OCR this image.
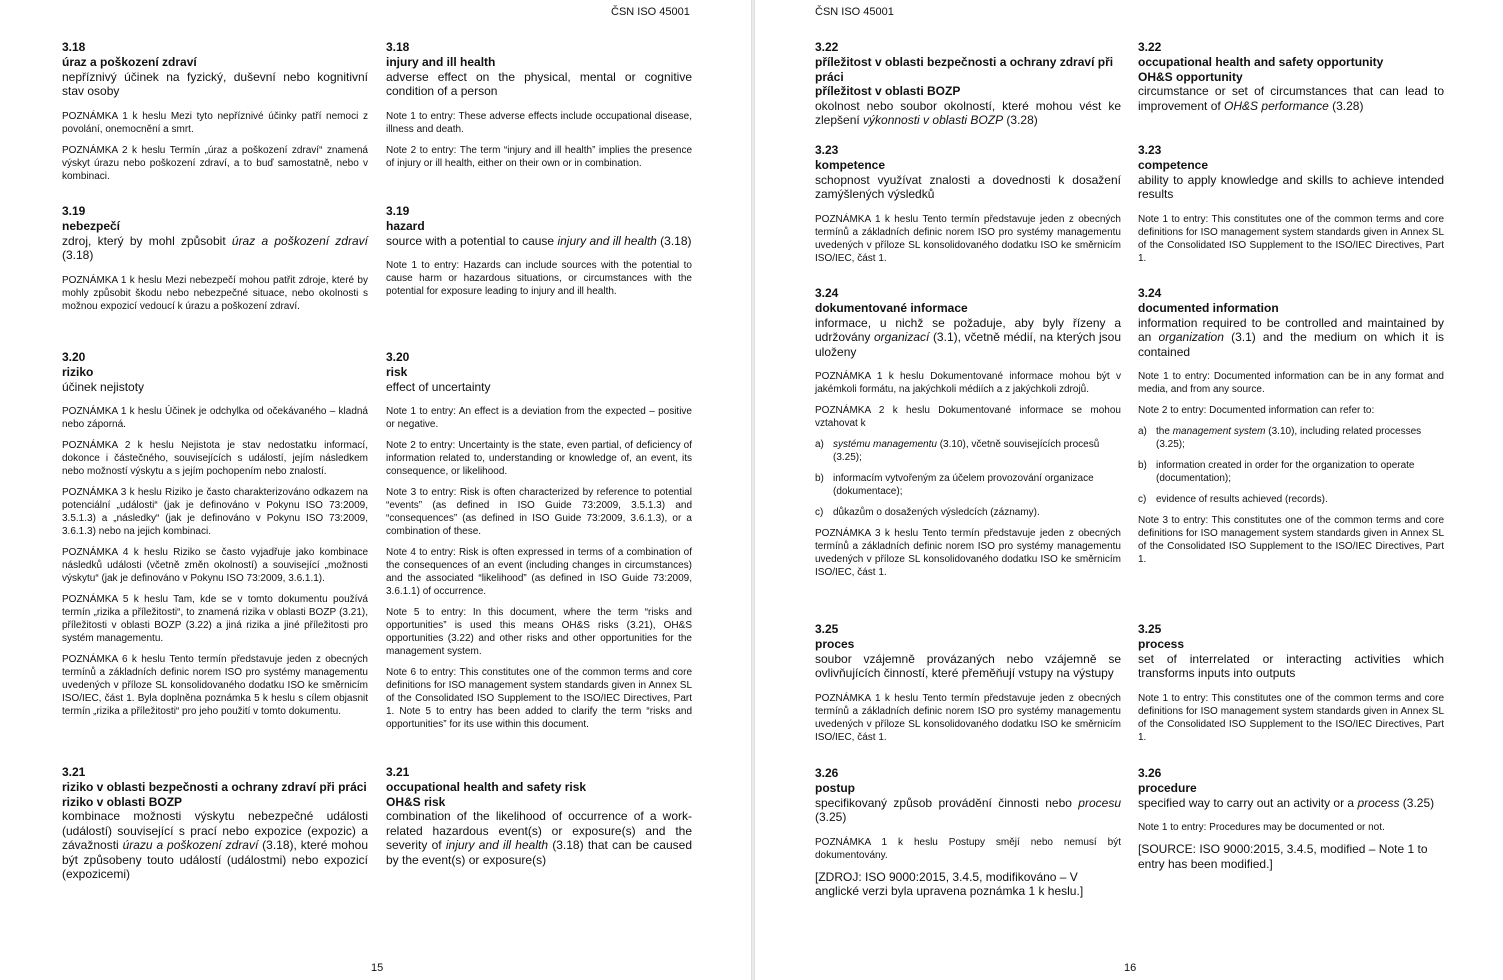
ČSN ISO 45001
3.18
úraz a poškození zdraví
nepříznivý účinek na fyzický, duševní nebo kognitivní stav osoby
POZNÁMKA 1 k heslu Mezi tyto nepříznivé účinky patří nemoci z povolání, onemocnění a smrt.
POZNÁMKA 2 k heslu Termín „úraz a poškození zdraví“ znamená výskyt úrazu nebo poškození zdraví, a to buď samostatně, nebo v kombinaci.
3.19
nebezpečí
zdroj, který by mohl způsobit úraz a poškození zdraví (3.18)
POZNÁMKA 1 k heslu Mezi nebezpečí mohou patřit zdroje, které by mohly způsobit škodu nebo nebezpečné situace, nebo okolnosti s možnou expozicí vedoucí k úrazu a poškození zdraví.
3.20
riziko
účinek nejistoty
POZNÁMKA 1 k heslu Účinek je odchylka od očekávaného – kladná nebo záporná.
POZNÁMKA 2 k heslu Nejistota je stav nedostatku informací, dokonce i částečného, souvisejících s událostí, jejím následkem nebo možností výskytu a s jejím pochopením nebo znalostí.
POZNÁMKA 3 k heslu Riziko je často charakterizováno odkazem na potenciální „události“ (jak je definováno v Pokynu ISO 73:2009, 3.5.1.3) a „následky“ (jak je definováno v Pokynu ISO 73:2009, 3.6.1.3) nebo na jejich kombinaci.
POZNÁMKA 4 k heslu Riziko se často vyjadřuje jako kombinace následků události (včetně změn okolností) a související „možnosti výskytu“ (jak je definováno v Pokynu ISO 73:2009, 3.6.1.1).
POZNÁMKA 5 k heslu Tam, kde se v tomto dokumentu používá termín „rizika a příležitosti“, to znamená rizika v oblasti BOZP (3.21), příležitosti v oblasti BOZP (3.22) a jiná rizika a jiné příležitosti pro systém managementu.
POZNÁMKA 6 k heslu Tento termín představuje jeden z obecných termínů a základních definic norem ISO pro systémy managementu uvedených v příloze SL konsolidovaného dodatku ISO ke směrnicím ISO/IEC, část 1. Byla doplněna poznámka 5 k heslu s cílem objasnit termín „rizika a příležitosti“ pro jeho použití v tomto dokumentu.
3.21
riziko v oblasti bezpečnosti a ochrany zdraví při práci
riziko v oblasti BOZP
kombinace možnosti výskytu nebezpečné události (událostí) související s prací nebo expozice (expozic) a závažnosti úrazu a poškození zdraví (3.18), které mohou být způsobeny touto událostí (událostmi) nebo expozicí (expozicemi)
3.18
injury and ill health
adverse effect on the physical, mental or cognitive condition of a person
Note 1 to entry: These adverse effects include occupational disease, illness and death.
Note 2 to entry: The term “injury and ill health” implies the presence of injury or ill health, either on their own or in combination.
3.19
hazard
source with a potential to cause injury and ill health (3.18)
Note 1 to entry: Hazards can include sources with the potential to cause harm or hazardous situations, or circumstances with the potential for exposure leading to injury and ill health.
3.20
risk
effect of uncertainty
Note 1 to entry: An effect is a deviation from the expected – positive or negative.
Note 2 to entry: Uncertainty is the state, even partial, of deficiency of information related to, understanding or knowledge of, an event, its consequence, or likelihood.
Note 3 to entry: Risk is often characterized by reference to potential “events” (as defined in ISO Guide 73:2009, 3.5.1.3) and “consequences” (as defined in ISO Guide 73:2009, 3.6.1.3), or a combination of these.
Note 4 to entry: Risk is often expressed in terms of a combination of the consequences of an event (including changes in circumstances) and the associated “likelihood” (as defined in ISO Guide 73:2009, 3.6.1.1) of occurrence.
Note 5 to entry: In this document, where the term “risks and opportunities” is used this means OH&S risks (3.21), OH&S opportunities (3.22) and other risks and other opportunities for the management system.
Note 6 to entry: This constitutes one of the common terms and core definitions for ISO management system standards given in Annex SL of the Consolidated ISO Supplement to the ISO/IEC Directives, Part 1. Note 5 to entry has been added to clarify the term “risks and opportunities” for its use within this document.
3.21
occupational health and safety risk
OH&S risk
combination of the likelihood of occurrence of a work-related hazardous event(s) or exposure(s) and the severity of injury and ill health (3.18) that can be caused by the event(s) or exposure(s)
15
ČSN ISO 45001
3.22
příležitost v oblasti bezpečnosti a ochrany zdraví při práci
příležitost v oblasti BOZP
okolnost nebo soubor okolností, které mohou vést ke zlepšení výkonnosti v oblasti BOZP (3.28)
3.23
kompetence
schopnost využívat znalosti a dovednosti k dosažení zamýšlených výsledků
POZNÁMKA 1 k heslu Tento termín představuje jeden z obecných termínů a základních definic norem ISO pro systémy managementu uvedených v příloze SL konsolidovaného dodatku ISO ke směrnicím ISO/IEC, část 1.
3.24
dokumentované informace
informace, u nichž se požaduje, aby byly řízeny a udržovány organizací (3.1), včetně médií, na kterých jsou uloženy
POZNÁMKA 1 k heslu Dokumentované informace mohou být v jakémkoli formátu, na jakýchkoli médiích a z jakýchkoli zdrojů.
POZNÁMKA 2 k heslu Dokumentované informace se mohou vztahovat k
a) systému managementu (3.10), včetně souvisejících procesů (3.25);
b) informacím vytvořeným za účelem provozování organizace (dokumentace);
c) důkazům o dosažených výsledcích (záznamy).
POZNÁMKA 3 k heslu Tento termín představuje jeden z obecných termínů a základních definic norem ISO pro systémy managementu uvedených v příloze SL konsolidovaného dodatku ISO ke směrnicím ISO/IEC, část 1.
3.25
proces
soubor vzájemně provázaných nebo vzájemně se ovlivňujících činností, které přeměňují vstupy na výstupy
POZNÁMKA 1 k heslu Tento termín představuje jeden z obecných termínů a základních definic norem ISO pro systémy managementu uvedených v příloze SL konsolidovaného dodatku ISO ke směrnicím ISO/IEC, část 1.
3.26
postup
specifikovaný způsob provádění činnosti nebo procesu (3.25)
POZNÁMKA 1 k heslu Postupy smějí nebo nemusí být dokumentovány.
[ZDROJ: ISO 9000:2015, 3.4.5, modifikováno – V anglické verzi byla upravena poznámka 1 k heslu.]
3.22
occupational health and safety opportunity
OH&S opportunity
circumstance or set of circumstances that can lead to improvement of OH&S performance (3.28)
3.23
competence
ability to apply knowledge and skills to achieve intended results
Note 1 to entry: This constitutes one of the common terms and core definitions for ISO management system standards given in Annex SL of the Consolidated ISO Supplement to the ISO/IEC Directives, Part 1.
3.24
documented information
information required to be controlled and maintained by an organization (3.1) and the medium on which it is contained
Note 1 to entry: Documented information can be in any format and media, and from any source.
Note 2 to entry: Documented information can refer to:
a) the management system (3.10), including related processes (3.25);
b) information created in order for the organization to operate (documentation);
c) evidence of results achieved (records).
Note 3 to entry: This constitutes one of the common terms and core definitions for ISO management system standards given in Annex SL of the Consolidated ISO Supplement to the ISO/IEC Directives, Part 1.
3.25
process
set of interrelated or interacting activities which transforms inputs into outputs
Note 1 to entry: This constitutes one of the common terms and core definitions for ISO management system standards given in Annex SL of the Consolidated ISO Supplement to the ISO/IEC Directives, Part 1.
3.26
procedure
specified way to carry out an activity or a process (3.25)
Note 1 to entry: Procedures may be documented or not.
[SOURCE: ISO 9000:2015, 3.4.5, modified – Note 1 to entry has been modified.]
16
